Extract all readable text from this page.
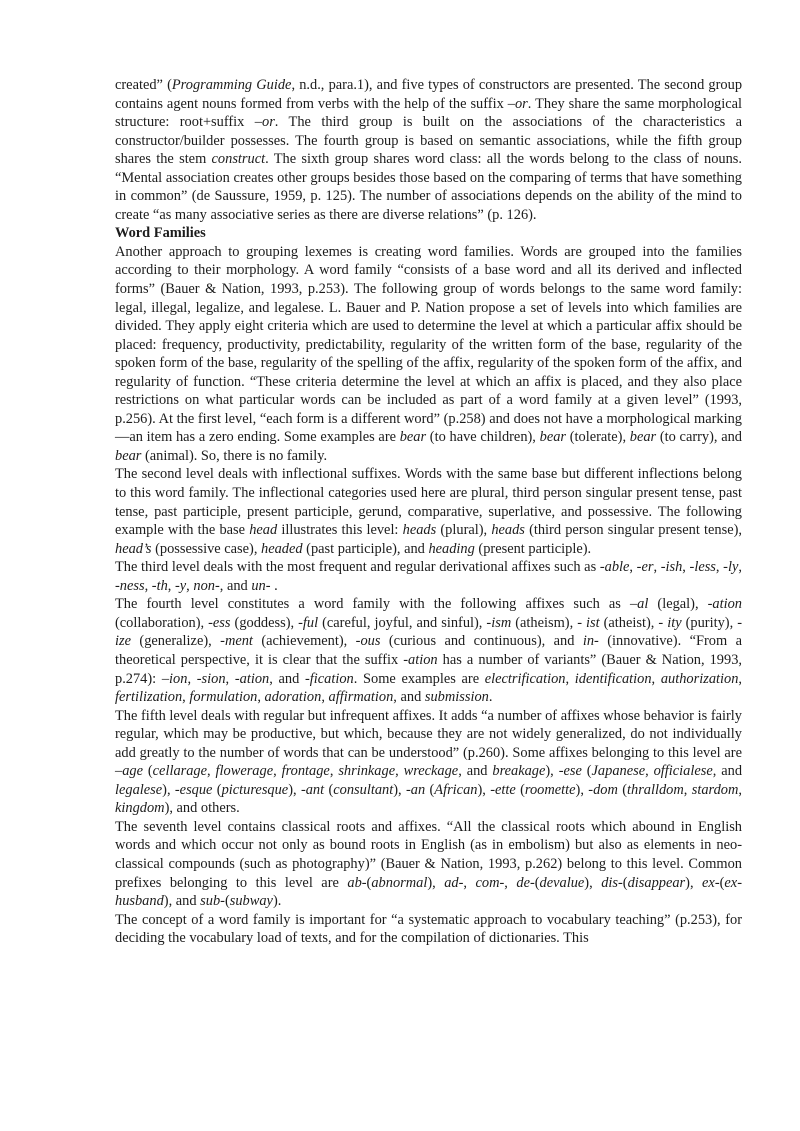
created” (Programming Guide, n.d., para.1), and five types of constructors are presented. The second group contains agent nouns formed from verbs with the help of the suffix –or. They share the same morphological structure: root+suffix –or. The third group is built on the associations of the characteristics a constructor/builder possesses. The fourth group is based on semantic associations, while the fifth group shares the stem construct. The sixth group shares word class: all the words belong to the class of nouns. “Mental association creates other groups besides those based on the comparing of terms that have something in common” (de Saussure, 1959, p. 125). The number of associations depends on the ability of the mind to create “as many associative series as there are diverse relations” (p. 126).

Word Families

Another approach to grouping lexemes is creating word families. Words are grouped into the families according to their morphology. A word family “consists of a base word and all its derived and inflected forms” (Bauer & Nation, 1993, p.253). The following group of words belongs to the same word family: legal, illegal, legalize, and legalese. L. Bauer and P. Nation propose a set of levels into which families are divided. They apply eight criteria which are used to determine the level at which a particular affix should be placed: frequency, productivity, predictability, regularity of the written form of the base, regularity of the spoken form of the base, regularity of the spelling of the affix, regularity of the spoken form of the affix, and regularity of function. “These criteria determine the level at which an affix is placed, and they also place restrictions on what particular words can be included as part of a word family at a given level” (1993, p.256). At the first level, “each form is a different word” (p.258) and does not have a morphological marking—an item has a zero ending. Some examples are bear (to have children), bear (tolerate), bear (to carry), and bear (animal). So, there is no family.

The second level deals with inflectional suffixes. Words with the same base but different inflections belong to this word family. The inflectional categories used here are plural, third person singular present tense, past tense, past participle, present participle, gerund, comparative, superlative, and possessive. The following example with the base head illustrates this level: heads (plural), heads (third person singular present tense), head’s (possessive case), headed (past participle), and heading (present participle).

The third level deals with the most frequent and regular derivational affixes such as -able, -er, -ish, -less, -ly, -ness, -th, -y, non-, and un- .

The fourth level constitutes a word family with the following affixes such as –al (legal), -ation (collaboration), -ess (goddess), -ful (careful, joyful, and sinful), -ism (atheism), - ist (atheist), - ity (purity), -ize (generalize), -ment (achievement), -ous (curious and continuous), and in- (innovative). “From a theoretical perspective, it is clear that the suffix -ation has a number of variants” (Bauer & Nation, 1993, p.274): –ion, -sion, -ation, and -fication. Some examples are electrification, identification, authorization, fertilization, formulation, adoration, affirmation, and submission.

The fifth level deals with regular but infrequent affixes. It adds “a number of affixes whose behavior is fairly regular, which may be productive, but which, because they are not widely generalized, do not individually add greatly to the number of words that can be understood” (p.260). Some affixes belonging to this level are –age (cellarage, flowerage, frontage, shrinkage, wreckage, and breakage), -ese (Japanese, officialese, and legalese), -esque (picturesque), -ant (consultant), -an (African), -ette (roomette), -dom (thralldom, stardom, kingdom), and others.

The seventh level contains classical roots and affixes. “All the classical roots which abound in English words and which occur not only as bound roots in English (as in embolism) but also as elements in neo-classical compounds (such as photography)” (Bauer & Nation, 1993, p.262) belong to this level. Common prefixes belonging to this level are ab-(abnormal), ad-, com-, de-(devalue), dis-(disappear), ex-(ex-husband), and sub-(subway).

The concept of a word family is important for “a systematic approach to vocabulary teaching” (p.253), for deciding the vocabulary load of texts, and for the compilation of dictionaries. This
